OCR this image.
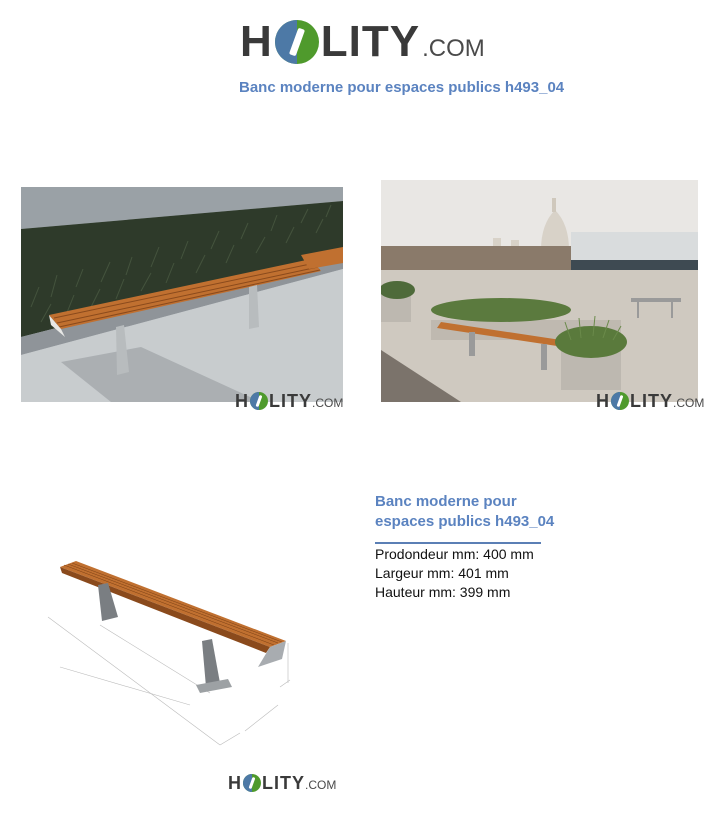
H LITY .COM
Banc moderne pour espaces publics h493_04
H LITY .COM	H LITY .COM
H LITY .COM
Banc moderne pour
espaces publics h493_04
Prodondeur mm: 400 mm
Largeur mm: 401 mm
Hauteur mm: 399 mm
